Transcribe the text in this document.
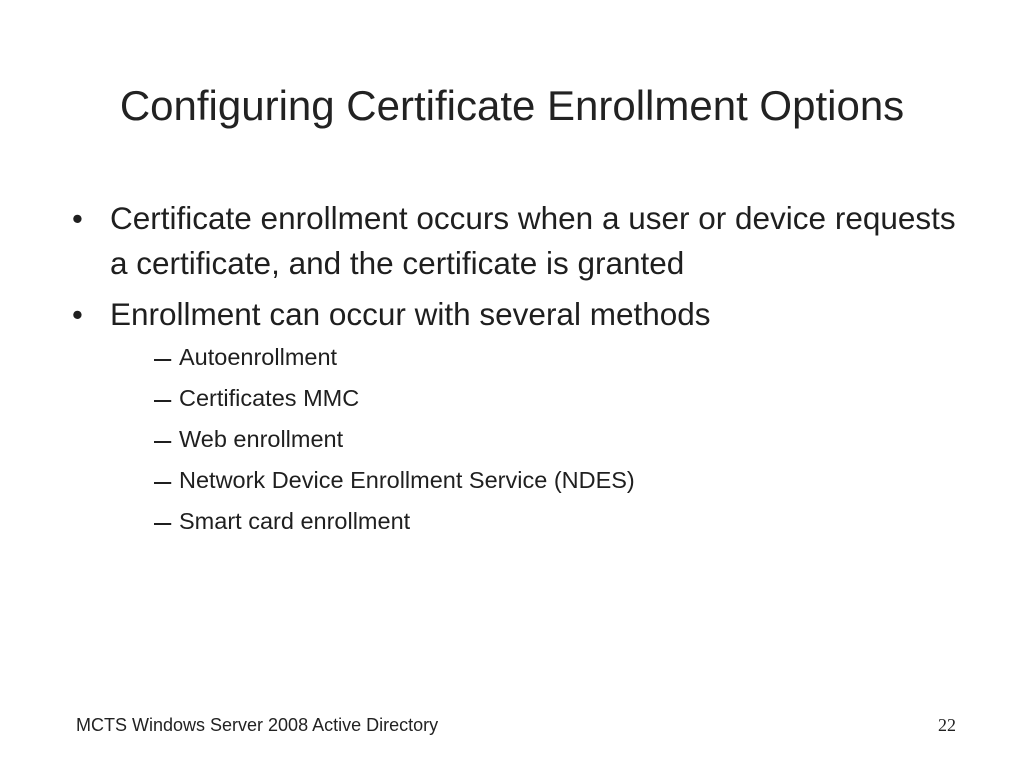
Configuring Certificate Enrollment Options
• Certificate enrollment occurs when a user or device requests a certificate, and the certificate is granted
• Enrollment can occur with several methods
– Autoenrollment
– Certificates MMC
– Web enrollment
– Network Device Enrollment Service (NDES)
– Smart card enrollment
MCTS Windows Server 2008 Active Directory	22
